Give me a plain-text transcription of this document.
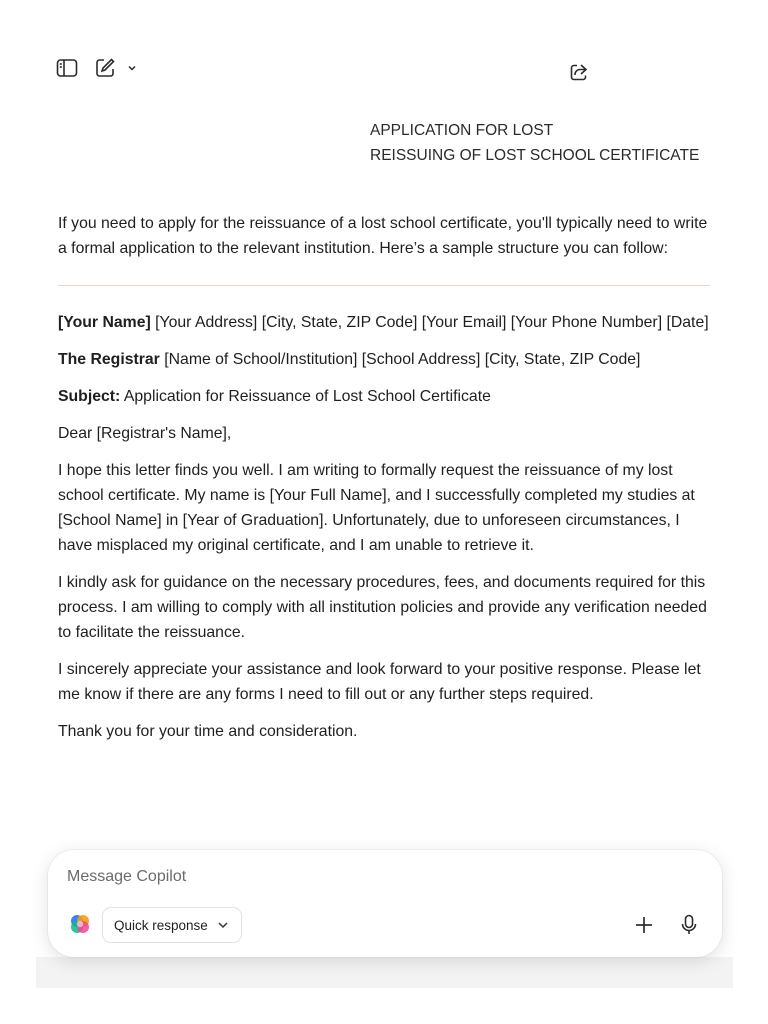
APPLICATION FOR LOST
REISSUING OF LOST SCHOOL CERTIFICATE

If you need to apply for the reissuance of a lost school certificate, you'll typically need to write a formal application to the relevant institution. Here’s a sample structure you can follow:

[Your Name] [Your Address] [City, State, ZIP Code] [Your Email] [Your Phone Number] [Date]

The Registrar [Name of School/Institution] [School Address] [City, State, ZIP Code]

Subject: Application for Reissuance of Lost School Certificate

Dear [Registrar's Name],

I hope this letter finds you well. I am writing to formally request the reissuance of my lost school certificate. My name is [Your Full Name], and I successfully completed my studies at [School Name] in [Year of Graduation]. Unfortunately, due to unforeseen circumstances, I have misplaced my original certificate, and I am unable to retrieve it.

I kindly ask for guidance on the necessary procedures, fees, and documents required for this process. I am willing to comply with all institution policies and provide any verification needed to facilitate the reissuance.

I sincerely appreciate your assistance and look forward to your positive response. Please let me know if there are any forms I need to fill out or any further steps required.

Thank you for your time and consideration.

Message Copilot
Quick response
